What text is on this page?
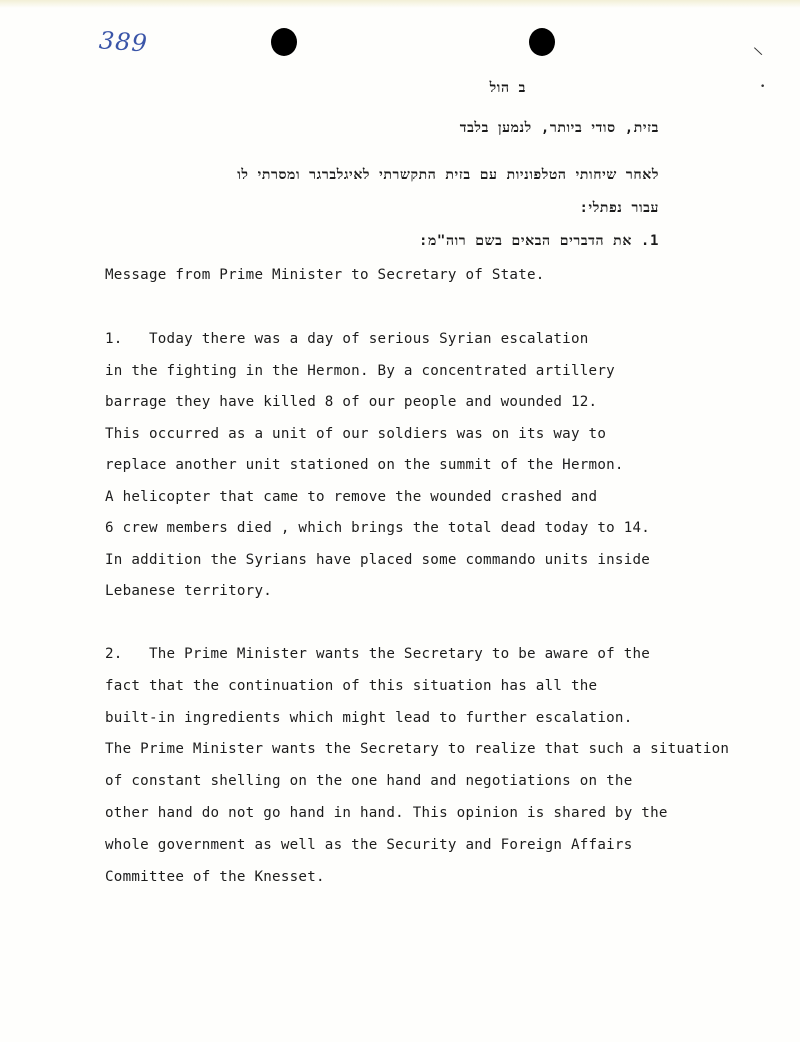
389	\
•
ב הול
בזית, סודי ביותר, לנמען בלבד
לאחר שיחותי הטלפוניות עם בזית התקשרתי לאיגלברגר ומסרתי לו
עבור נפתלי:
1. את הדברים הבאים בשם רוה"מ:
Message from Prime Minister to Secretary of State.
1.   Today there was a day of serious Syrian escalation
in the fighting in the Hermon. By a concentrated artillery
barrage they have killed 8 of our people and wounded 12.
This occurred as a unit of our soldiers was on its way to
replace another unit stationed on the summit of the Hermon.
A helicopter that came to remove the wounded crashed and
6 crew members died , which brings the total dead today to 14.
In addition the Syrians have placed some commando units inside
Lebanese territory.
2.   The Prime Minister wants the Secretary to be aware of the
fact that the continuation of this situation has all the
built-in ingredients which might lead to further escalation.
The Prime Minister wants the Secretary to realize that such a situation
of constant shelling on the one hand and negotiations on the
other hand do not go hand in hand. This opinion is shared by the
whole government as well as the Security and Foreign Affairs
Committee of the Knesset.
